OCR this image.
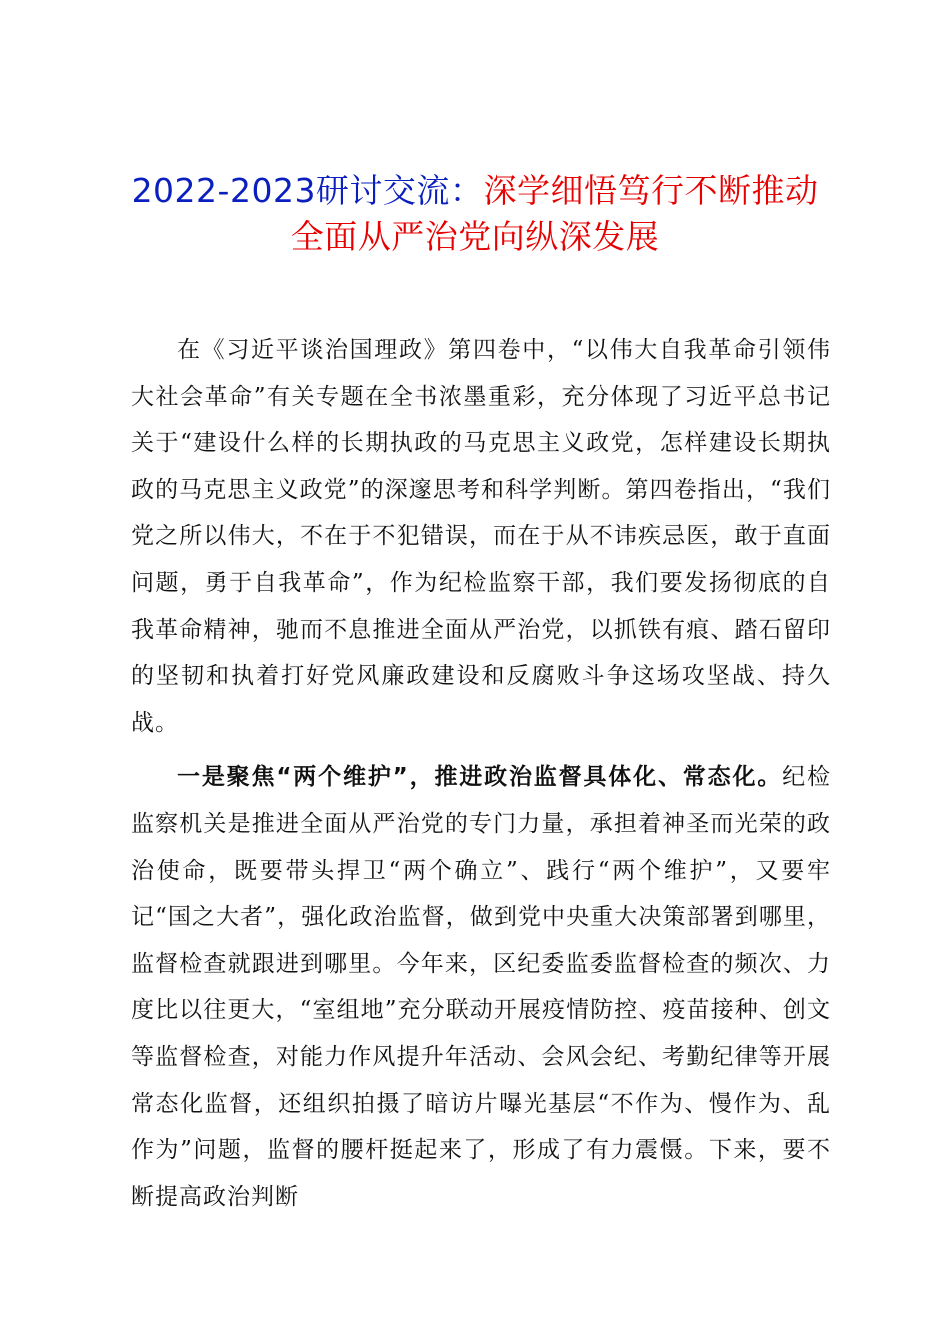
2022-2023研讨交流：深学细悟笃行不断推动全面从严治党向纵深发展

在《习近平谈治国理政》第四卷中，“以伟大自我革命引领伟大社会革命”有关专题在全书浓墨重彩，充分体现了习近平总书记关于“建设什么样的长期执政的马克思主义政党，怎样建设长期执政的马克思主义政党”的深邃思考和科学判断。第四卷指出，“我们党之所以伟大，不在于不犯错误，而在于从不讳疾忌医，敢于直面问题，勇于自我革命”，作为纪检监察干部，我们要发扬彻底的自我革命精神，驰而不息推进全面从严治党，以抓铁有痕、踏石留印的坚韧和执着打好党风廉政建设和反腐败斗争这场攻坚战、持久战。

一是聚焦“两个维护”，推进政治监督具体化、常态化。纪检监察机关是推进全面从严治党的专门力量，承担着神圣而光荣的政治使命，既要带头捍卫“两个确立”、践行“两个维护”，又要牢记“国之大者”，强化政治监督，做到党中央重大决策部署到哪里，监督检查就跟进到哪里。今年来，区纪委监委监督检查的频次、力度比以往更大，“室组地”充分联动开展疫情防控、疫苗接种、创文等监督检查，对能力作风提升年活动、会风会纪、考勤纪律等开展常态化监督，还组织拍摄了暗访片曝光基层“不作为、慢作为、乱作为”问题，监督的腰杆挺起来了，形成了有力震慑。下来，要不断提高政治判断
